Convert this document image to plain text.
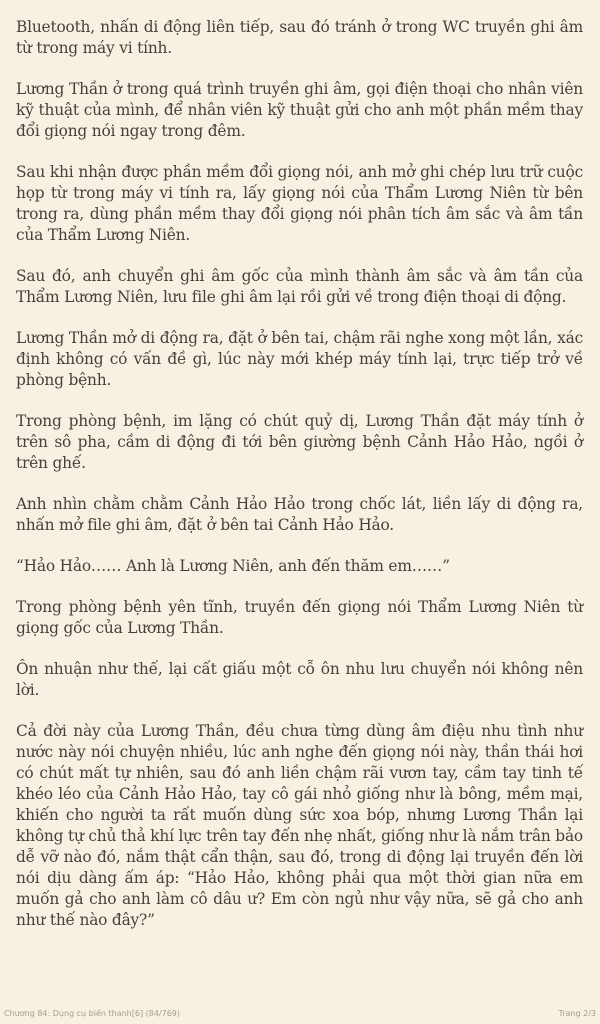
Bluetooth, nhấn di động liên tiếp, sau đó tránh ở trong WC truyền ghi âm từ trong máy vi tính.

Lương Thần ở trong quá trình truyền ghi âm, gọi điện thoại cho nhân viên kỹ thuật của mình, để nhân viên kỹ thuật gửi cho anh một phần mềm thay đổi giọng nói ngay trong đêm.

Sau khi nhận được phần mềm đổi giọng nói, anh mở ghi chép lưu trữ cuộc họp từ trong máy vi tính ra, lấy giọng nói của Thẩm Lương Niên từ bên trong ra, dùng phần mềm thay đổi giọng nói phân tích âm sắc và âm tần của Thẩm Lương Niên.

Sau đó, anh chuyển ghi âm gốc của mình thành âm sắc và âm tần của Thẩm Lương Niên, lưu file ghi âm lại rồi gửi về trong điện thoại di động.

Lương Thần mở di động ra, đặt ở bên tai, chậm rãi nghe xong một lần, xác định không có vấn đề gì, lúc này mới khép máy tính lại, trực tiếp trở về phòng bệnh.

Trong phòng bệnh, im lặng có chút quỷ dị, Lương Thần đặt máy tính ở trên sô pha, cầm di động đi tới bên giường bệnh Cảnh Hảo Hảo, ngồi ở trên ghế.

Anh nhìn chằm chằm Cảnh Hảo Hảo trong chốc lát, liền lấy di động ra, nhấn mở file ghi âm, đặt ở bên tai Cảnh Hảo Hảo.

“Hảo Hảo…… Anh là Lương Niên, anh đến thăm em……”

Trong phòng bệnh yên tĩnh, truyền đến giọng nói Thẩm Lương Niên từ giọng gốc của Lương Thần.

Ôn nhuận như thế, lại cất giấu một cỗ ôn nhu lưu chuyển nói không nên lời.

Cả đời này của Lương Thần, đều chưa từng dùng âm điệu nhu tình như nước này nói chuyện nhiều, lúc anh nghe đến giọng nói này, thần thái hơi có chút mất tự nhiên, sau đó anh liền chậm rãi vươn tay, cầm tay tinh tế khéo léo của Cảnh Hảo Hảo, tay cô gái nhỏ giống như là bông, mềm mại, khiến cho người ta rất muốn dùng sức xoa bóp, nhưng Lương Thần lại không tự chủ thả khí lực trên tay đến nhẹ nhất, giống như là nắm trân bảo dễ vỡ nào đó, nắm thật cẩn thận, sau đó, trong di động lại truyền đến lời nói dịu dàng ấm áp: “Hảo Hảo, không phải qua một thời gian nữa em muốn gả cho anh làm cô dâu ư? Em còn ngủ như vậy nữa, sẽ gả cho anh như thế nào đây?”

Chương 84: Dụng cụ biến thanh[6] (84/769)	Trang 2/3
